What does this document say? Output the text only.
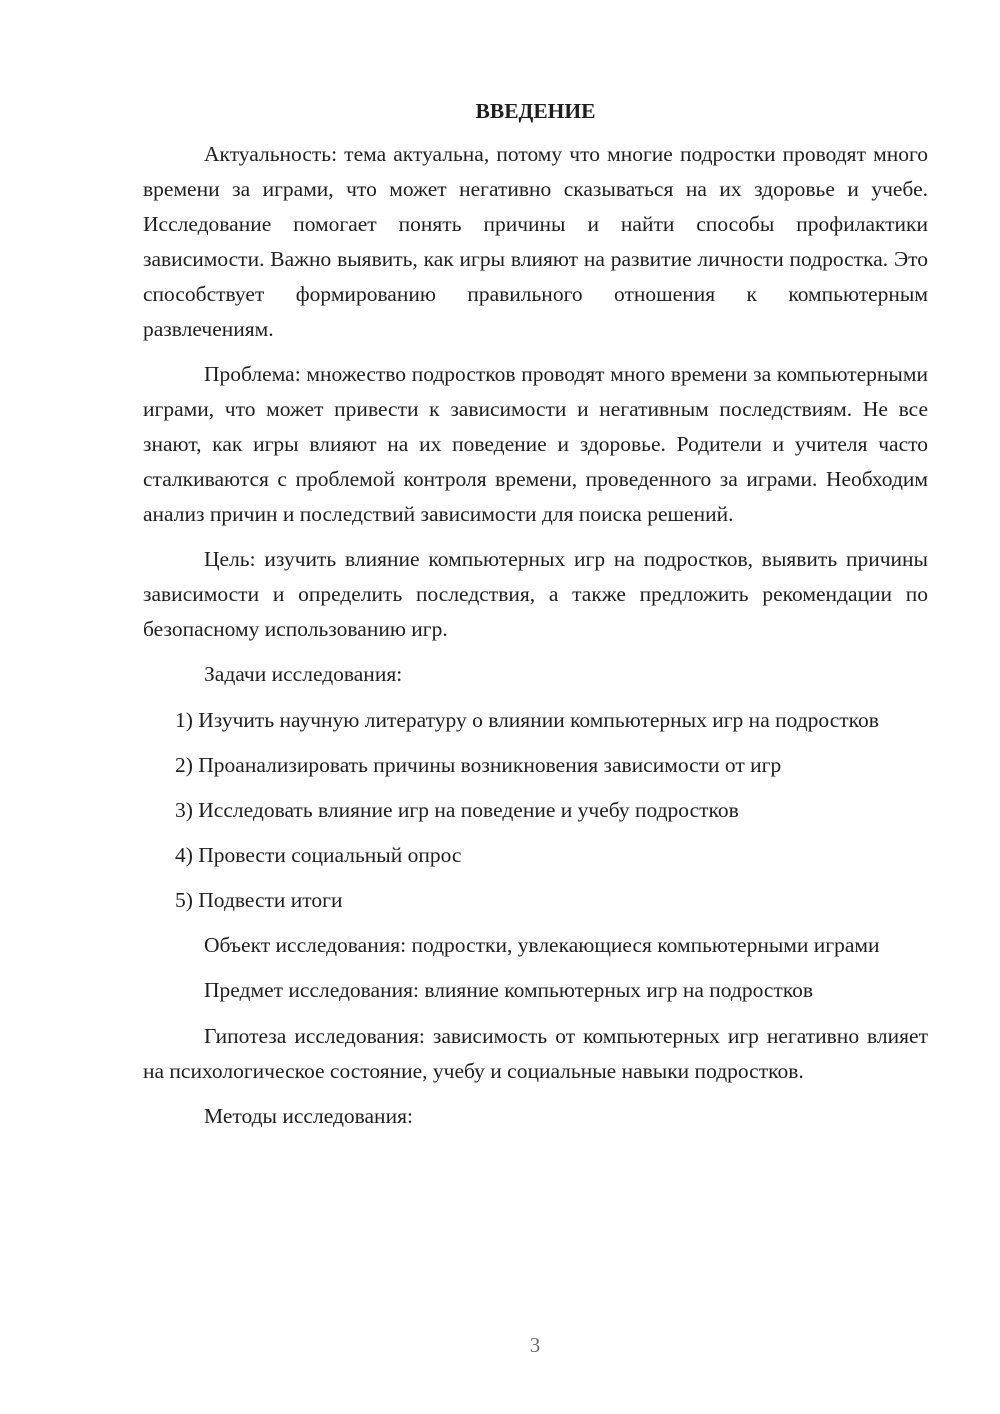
ВВЕДЕНИЕ

Актуальность: тема актуальна, потому что многие подростки проводят много времени за играми, что может негативно сказываться на их здоровье и учебе. Исследование помогает понять причины и найти способы профилактики зависимости. Важно выявить, как игры влияют на развитие личности подростка. Это способствует формированию правильного отношения к компьютерным развлечениям.

Проблема: множество подростков проводят много времени за компьютерными играми, что может привести к зависимости и негативным последствиям. Не все знают, как игры влияют на их поведение и здоровье. Родители и учителя часто сталкиваются с проблемой контроля времени, проведенного за играми. Необходим анализ причин и последствий зависимости для поиска решений.

Цель: изучить влияние компьютерных игр на подростков, выявить причины зависимости и определить последствия, а также предложить рекомендации по безопасному использованию игр.

Задачи исследования:

1) Изучить научную литературу о влиянии компьютерных игр на подростков

2) Проанализировать причины возникновения зависимости от игр

3) Исследовать влияние игр на поведение и учебу подростков

4) Провести социальный опрос

5) Подвести итоги

Объект исследования: подростки, увлекающиеся компьютерными играми

Предмет исследования: влияние компьютерных игр на подростков

Гипотеза исследования: зависимость от компьютерных игр негативно влияет на психологическое состояние, учебу и социальные навыки подростков.

Методы исследования:

3
